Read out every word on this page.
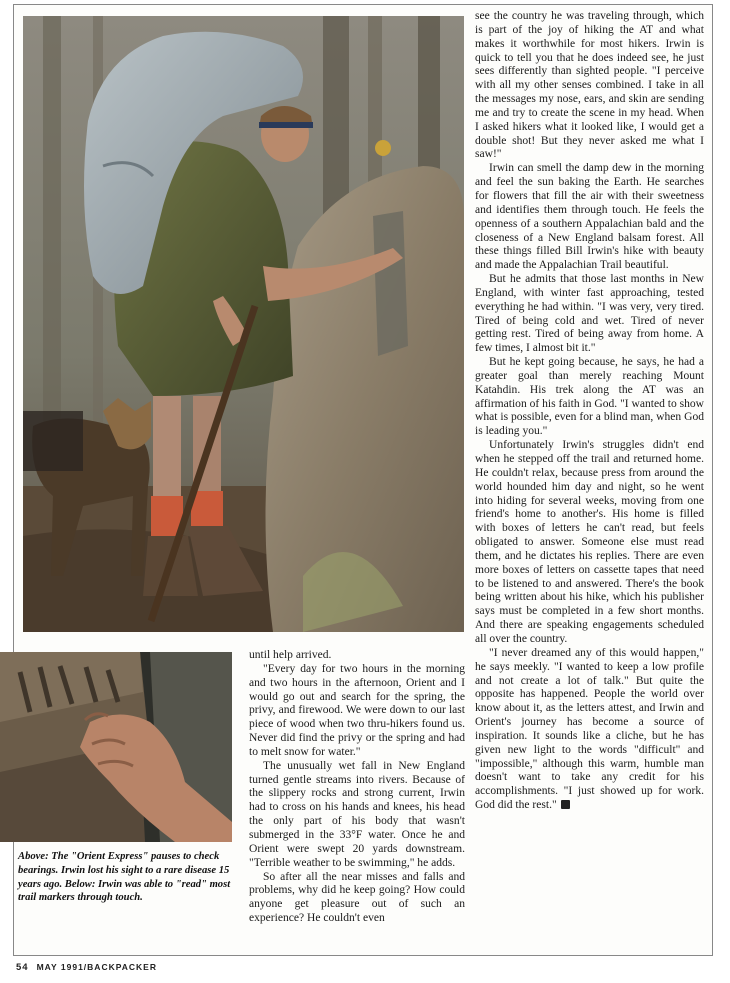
Above: The "Orient Express" pauses to check bearings. Irwin lost his sight to a rare disease 15 years ago. Below: Irwin was able to "read" most trail markers through touch.

see the country he was traveling through, which is part of the joy of hiking the AT and what makes it worthwhile for most hikers. Irwin is quick to tell you that he does indeed see, he just sees differently than sighted people. "I perceive with all my other senses combined. I take in all the messages my nose, ears, and skin are sending me and try to create the scene in my head. When I asked hikers what it looked like, I would get a double shot! But they never asked me what I saw!"

Irwin can smell the damp dew in the morning and feel the sun baking the Earth. He searches for flowers that fill the air with their sweetness and identifies them through touch. He feels the openness of a southern Appalachian bald and the closeness of a New England balsam forest. All these things filled Bill Irwin's hike with beauty and made the Appalachian Trail beautiful.

But he admits that those last months in New England, with winter fast approaching, tested everything he had within. "I was very, very tired. Tired of being cold and wet. Tired of never getting rest. Tired of being away from home. A few times, I almost bit it."

But he kept going because, he says, he had a greater goal than merely reaching Mount Katahdin. His trek along the AT was an affirmation of his faith in God. "I wanted to show what is possible, even for a blind man, when God is leading you."

Unfortunately Irwin's struggles didn't end when he stepped off the trail and returned home. He couldn't relax, because press from around the world hounded him day and night, so he went into hiding for several weeks, moving from one friend's home to another's. His home is filled with boxes of letters he can't read, but feels obligated to answer. Someone else must read them, and he dictates his replies. There are even more boxes of letters on cassette tapes that need to be listened to and answered. There's the book being written about his hike, which his publisher says must be completed in a few short months. And there are speaking engagements scheduled all over the country.

"I never dreamed any of this would happen," he says meekly. "I wanted to keep a low profile and not create a lot of talk." But quite the opposite has happened. People the world over know about it, as the letters attest, and Irwin and Orient's journey has become a source of inspiration. It sounds like a cliche, but he has given new light to the words "difficult" and "impossible," although this warm, humble man doesn't want to take any credit for his accomplishments. "I just showed up for work. God did the rest."

until help arrived.

"Every day for two hours in the morning and two hours in the afternoon, Orient and I would go out and search for the spring, the privy, and firewood. We were down to our last piece of wood when two thru-hikers found us. Never did find the privy or the spring and had to melt snow for water."

The unusually wet fall in New England turned gentle streams into rivers. Because of the slippery rocks and strong current, Irwin had to cross on his hands and knees, his head the only part of his body that wasn't submerged in the 33°F water. Once he and Orient were swept 20 yards downstream. "Terrible weather to be swimming," he adds.

So after all the near misses and falls and problems, why did he keep going? How could anyone get pleasure out of such an experience? He couldn't even

54 MAY 1991/BACKPACKER
